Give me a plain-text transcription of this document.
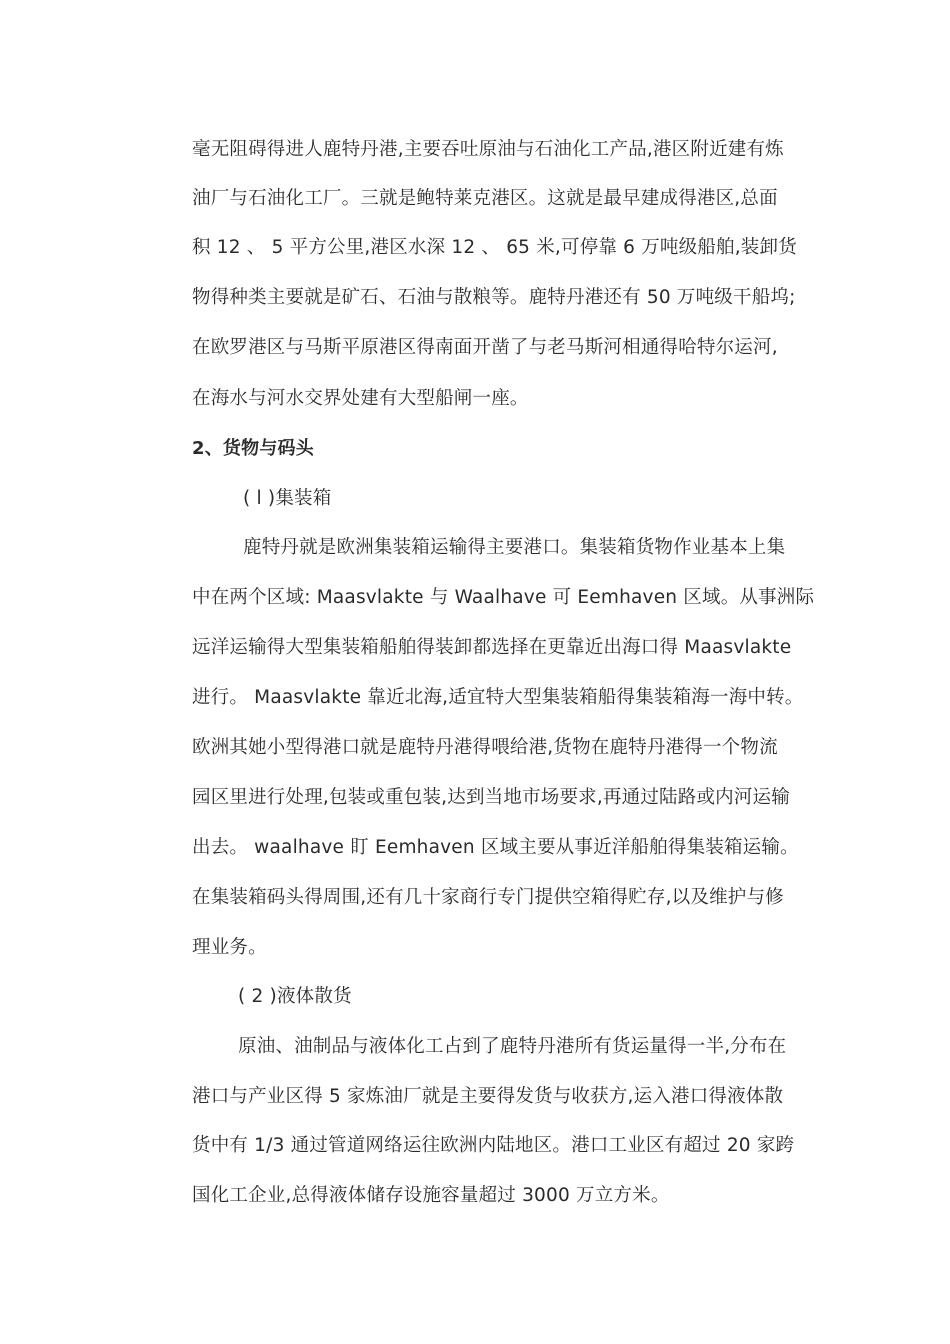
毫无阻碍得进人鹿特丹港,主要吞吐原油与石油化工产品,港区附近建有炼
油厂与石油化工厂。三就是鲍特莱克港区。这就是最早建成得港区,总面
积 12 、 5 平方公里,港区水深 12 、 65 米,可停靠 6 万吨级船舶,装卸货
物得种类主要就是矿石、石油与散粮等。鹿特丹港还有 50 万吨级干船坞;
在欧罗港区与马斯平原港区得南面开凿了与老马斯河相通得哈特尔运河,
在海水与河水交界处建有大型船闸一座。
2、货物与码头
( l )集装箱
鹿特丹就是欧洲集装箱运输得主要港口。集装箱货物作业基本上集
中在两个区域: Maasvlakte 与 Waalhave 可 Eemhaven 区域。从事洲际
远洋运输得大型集装箱船舶得装卸都选择在更靠近出海口得 Maasvlakte
进行。 Maasvlakte 靠近北海,适宜特大型集装箱船得集装箱海一海中转。
欧洲其她小型得港口就是鹿特丹港得喂给港,货物在鹿特丹港得一个物流
园区里进行处理,包装或重包装,达到当地市场要求,再通过陆路或内河运输
出去。 waalhave 盯 Eemhaven 区域主要从事近洋船舶得集装箱运输。
在集装箱码头得周围,还有几十家商行专门提供空箱得贮存,以及维护与修
理业务。
( 2 )液体散货
原油、油制品与液体化工占到了鹿特丹港所有货运量得一半,分布在
港口与产业区得 5 家炼油厂就是主要得发货与收获方,运入港口得液体散
货中有 1/3 通过管道网络运往欧洲内陆地区。港口工业区有超过 20 家跨
国化工企业,总得液体储存设施容量超过 3000 万立方米。
